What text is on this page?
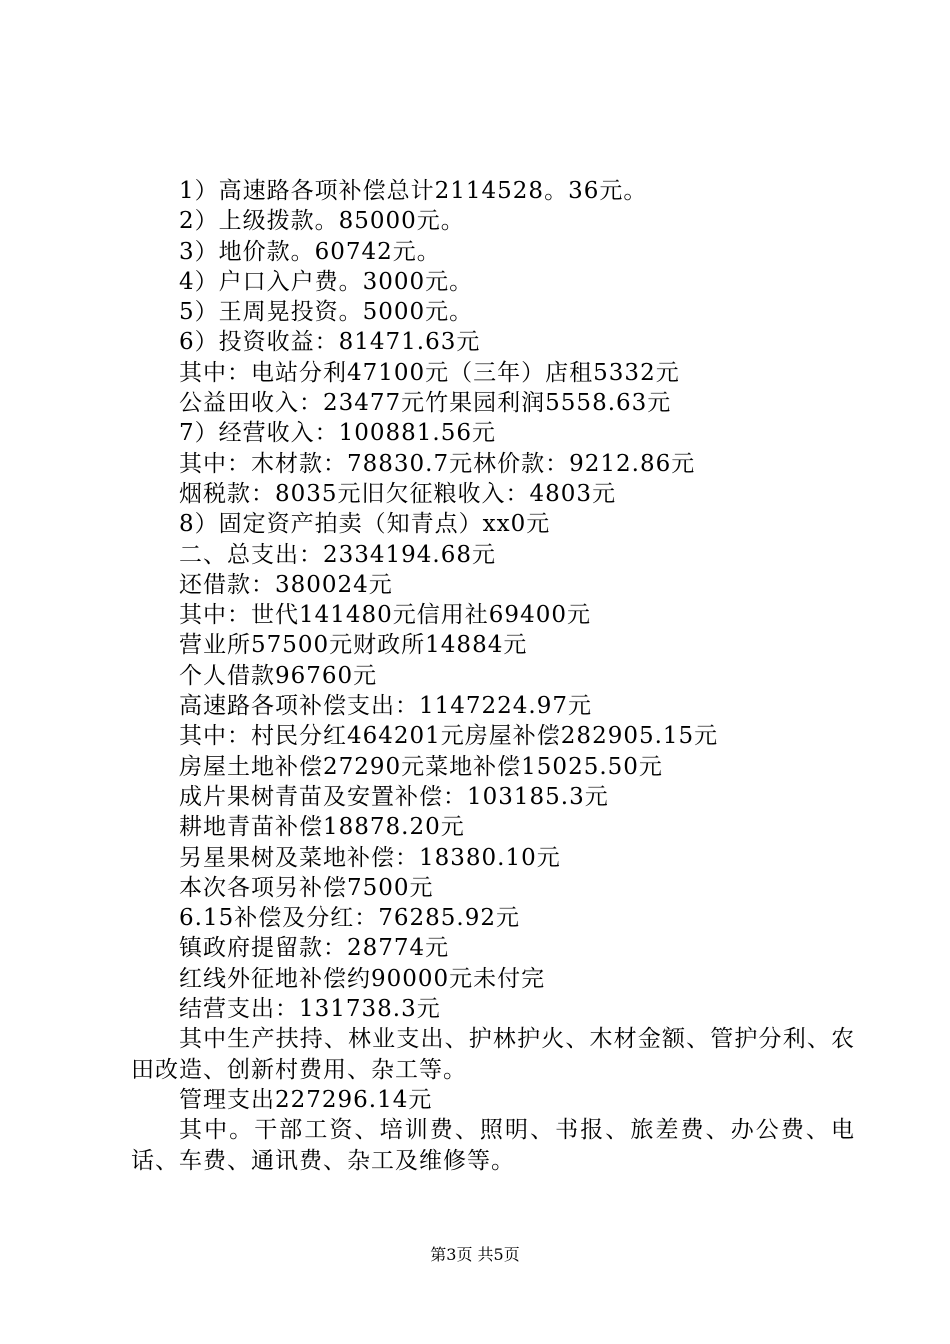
1）高速路各项补偿总计2114528。36元。
2）上级拨款。85000元。
3）地价款。60742元。
4）户口入户费。3000元。
5）王周晃投资。5000元。
6）投资收益：81471.63元
其中：电站分利47100元（三年）店租5332元
公益田收入：23477元竹果园利润5558.63元
7）经营收入：100881.56元
其中：木材款：78830.7元林价款：9212.86元
烟税款：8035元旧欠征粮收入：4803元
8）固定资产拍卖（知青点）xx0元
二、总支出：2334194.68元
还借款：380024元
其中：世代141480元信用社69400元
营业所57500元财政所14884元
个人借款96760元
高速路各项补偿支出：1147224.97元
其中：村民分红464201元房屋补偿282905.15元
房屋土地补偿27290元菜地补偿15025.50元
成片果树青苗及安置补偿：103185.3元
耕地青苗补偿18878.20元
另星果树及菜地补偿：18380.10元
本次各项另补偿7500元
6.15补偿及分红：76285.92元
镇政府提留款：28774元
红线外征地补偿约90000元未付完
结营支出：131738.3元
其中生产扶持、林业支出、护林护火、木材金额、管护分利、农田改造、创新村费用、杂工等。
管理支出227296.14元
其中。干部工资、培训费、照明、书报、旅差费、办公费、电话、车费、通讯费、杂工及维修等。
第3页 共5页
